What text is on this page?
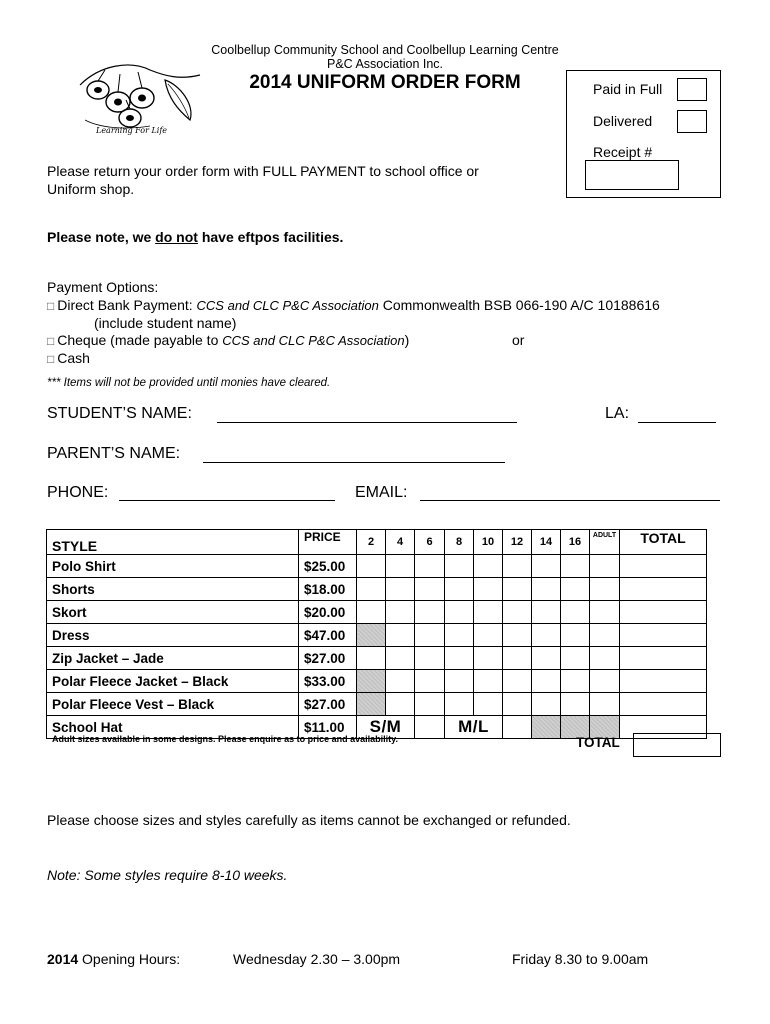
Coolbellup Community School and Coolbellup Learning Centre
P&C Association Inc.
Learning For Life
2014 UNIFORM ORDER FORM	Paid in Full
Delivered
Receipt #
Please return your order form with FULL PAYMENT to school office or
Uniform shop.
Please note, we do not have eftpos facilities.
Payment Options:
□ Direct Bank Payment: CCS and CLC P&C Association Commonwealth BSB 066-190 A/C 10188616
(include student name)
□ Cheque (made payable to CCS and CLC P&C Association)	or
□ Cash
*** Items will not be provided until monies have cleared.
STUDENT’S NAME:	LA:
PARENT’S NAME:
PHONE:	EMAIL:
STYLE	PRICE	2	4	6	8	10	12	14	16	ADULT	TOTAL
Polo Shirt	$25.00										
Shorts	$18.00										
Skort	$20.00										
Dress	$47.00										
Zip Jacket – Jade	$27.00										
Polar Fleece Jacket – Black	$33.00										
Polar Fleece Vest – Black	$27.00										
School Hat	$11.00	S/M			M/L						
Adult sizes available in some designs. Please enquire as to price and availability.	TOTAL
Please choose sizes and styles carefully as items cannot be exchanged or refunded.
Note: Some styles require 8-10 weeks.
2014 Opening Hours:	Wednesday 2.30 – 3.00pm	Friday 8.30 to 9.00am
